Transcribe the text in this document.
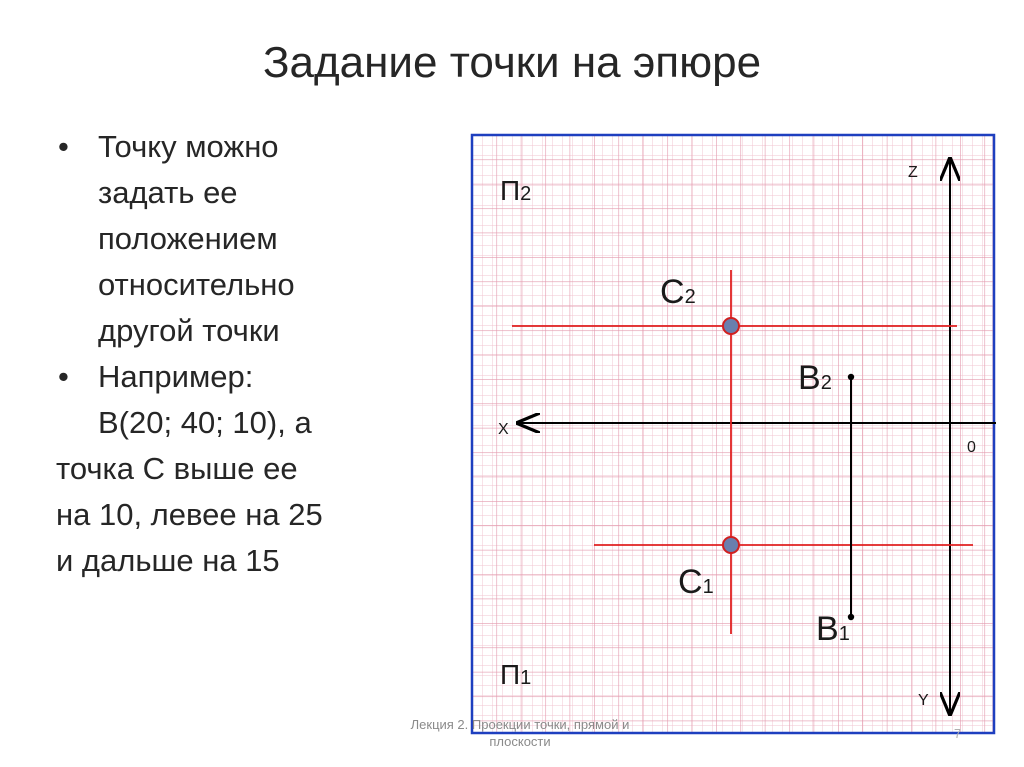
Задание точки на эпюре
• Точку можно
задать ее
положением
относительно
другой точки
• Например:
B(20; 40; 10), а
точка С выше ее
на 10, левее на 25
и дальше на 15
П2
П1
C2
C1
B2
B1
Z
X
Y
0
Лекция 2. Проекции точки, прямой и
плоскости
7
